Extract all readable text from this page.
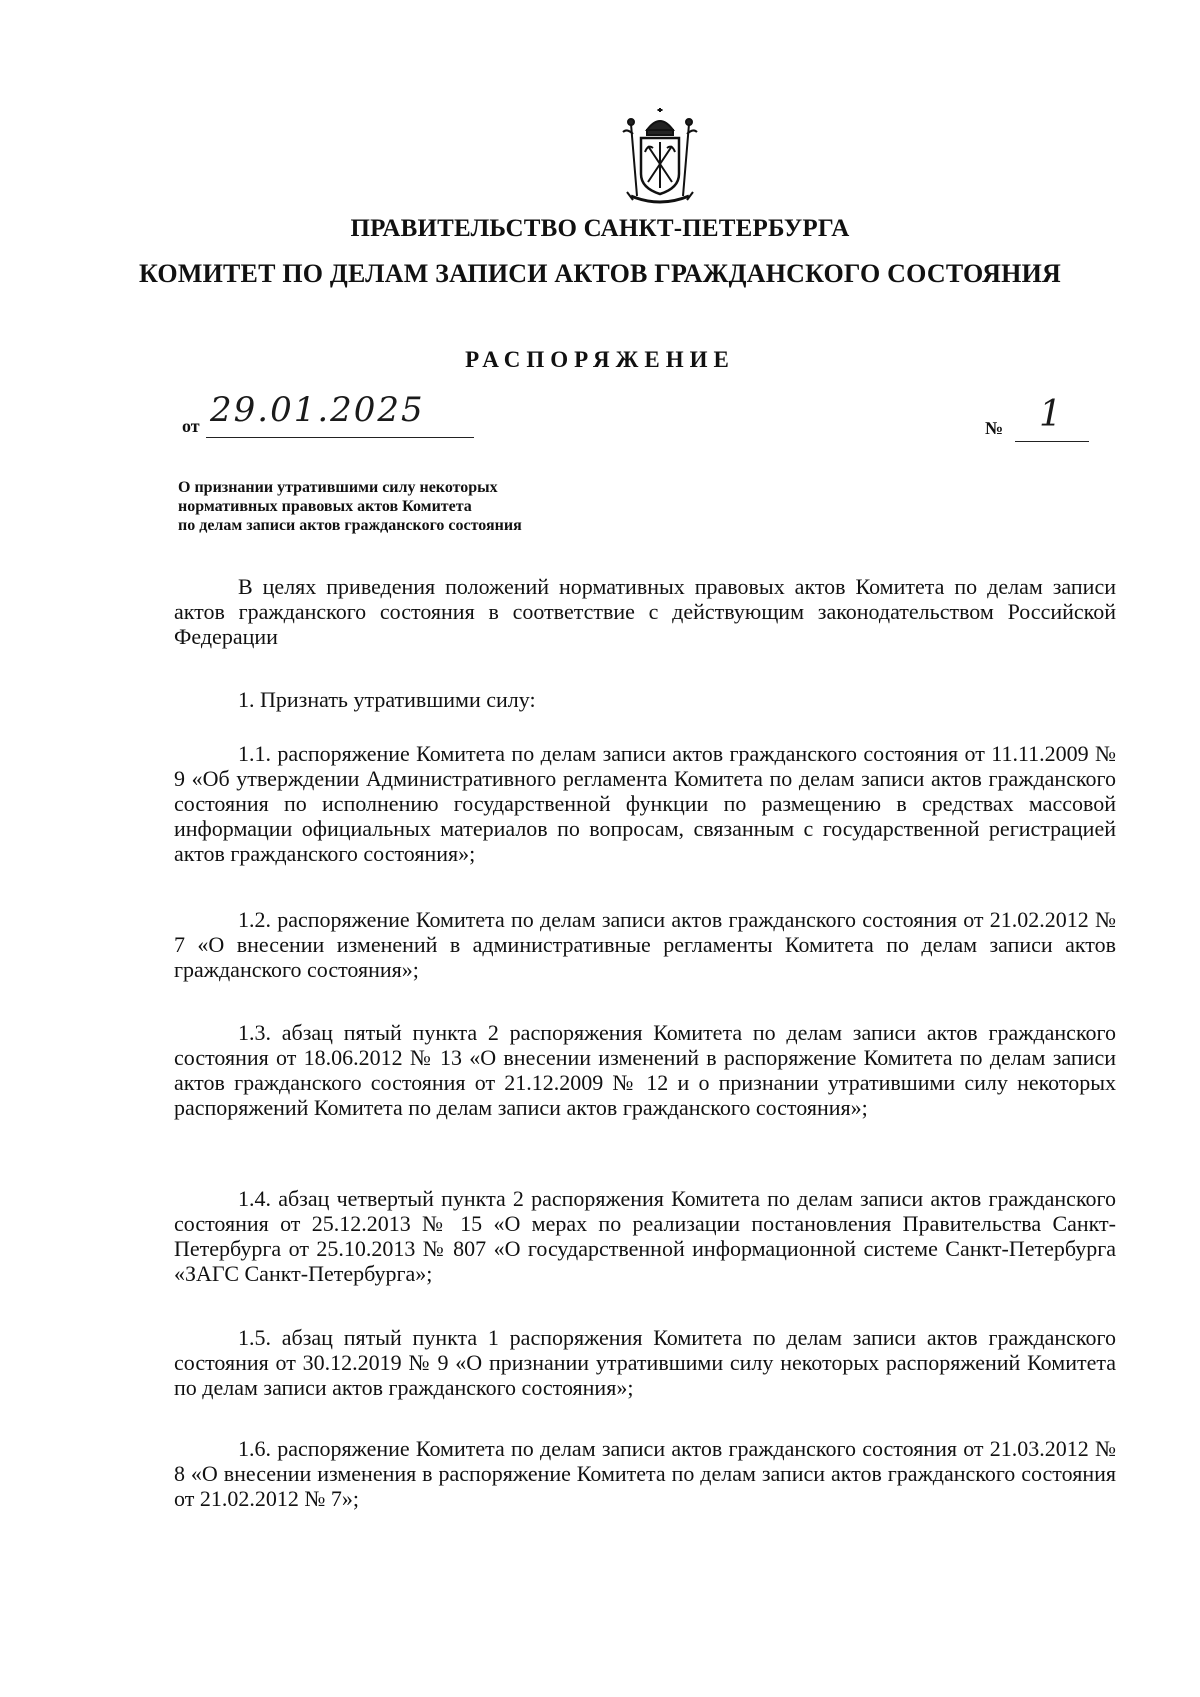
ПРАВИТЕЛЬСТВО САНКТ-ПЕТЕРБУРГА
КОМИТЕТ ПО ДЕЛАМ ЗАПИСИ АКТОВ ГРАЖДАНСКОГО СОСТОЯНИЯ
РАСПОРЯЖЕНИЕ
от 29.01.2025	№ 1
О признании утратившими силу некоторых
нормативных правовых актов Комитета
по делам записи актов гражданского состояния

В целях приведения положений нормативных правовых актов Комитета по делам записи актов гражданского состояния в соответствие с действующим законодательством Российской Федерации

1. Признать утратившими силу:

1.1. распоряжение Комитета по делам записи актов гражданского состояния от 11.11.2009 № 9 «Об утверждении Административного регламента Комитета по делам записи актов гражданского состояния по исполнению государственной функции по размещению в средствах массовой информации официальных материалов по вопросам, связанным с государственной регистрацией актов гражданского состояния»;

1.2. распоряжение Комитета по делам записи актов гражданского состояния от 21.02.2012 № 7 «О внесении изменений в административные регламенты Комитета по делам записи актов гражданского состояния»;

1.3. абзац пятый пункта 2 распоряжения Комитета по делам записи актов гражданского состояния от 18.06.2012 № 13 «О внесении изменений в распоряжение Комитета по делам записи актов гражданского состояния от 21.12.2009 № 12 и о признании утратившими силу некоторых распоряжений Комитета по делам записи актов гражданского состояния»;

1.4. абзац четвертый пункта 2 распоряжения Комитета по делам записи актов гражданского состояния от 25.12.2013 № 15 «О мерах по реализации постановления Правительства Санкт-Петербурга от 25.10.2013 № 807 «О государственной информационной системе Санкт-Петербурга «ЗАГС Санкт-Петербурга»;

1.5. абзац пятый пункта 1 распоряжения Комитета по делам записи актов гражданского состояния от 30.12.2019 № 9 «О признании утратившими силу некоторых распоряжений Комитета по делам записи актов гражданского состояния»;

1.6. распоряжение Комитета по делам записи актов гражданского состояния от 21.03.2012 № 8 «О внесении изменения в распоряжение Комитета по делам записи актов гражданского состояния от 21.02.2012 № 7»;
